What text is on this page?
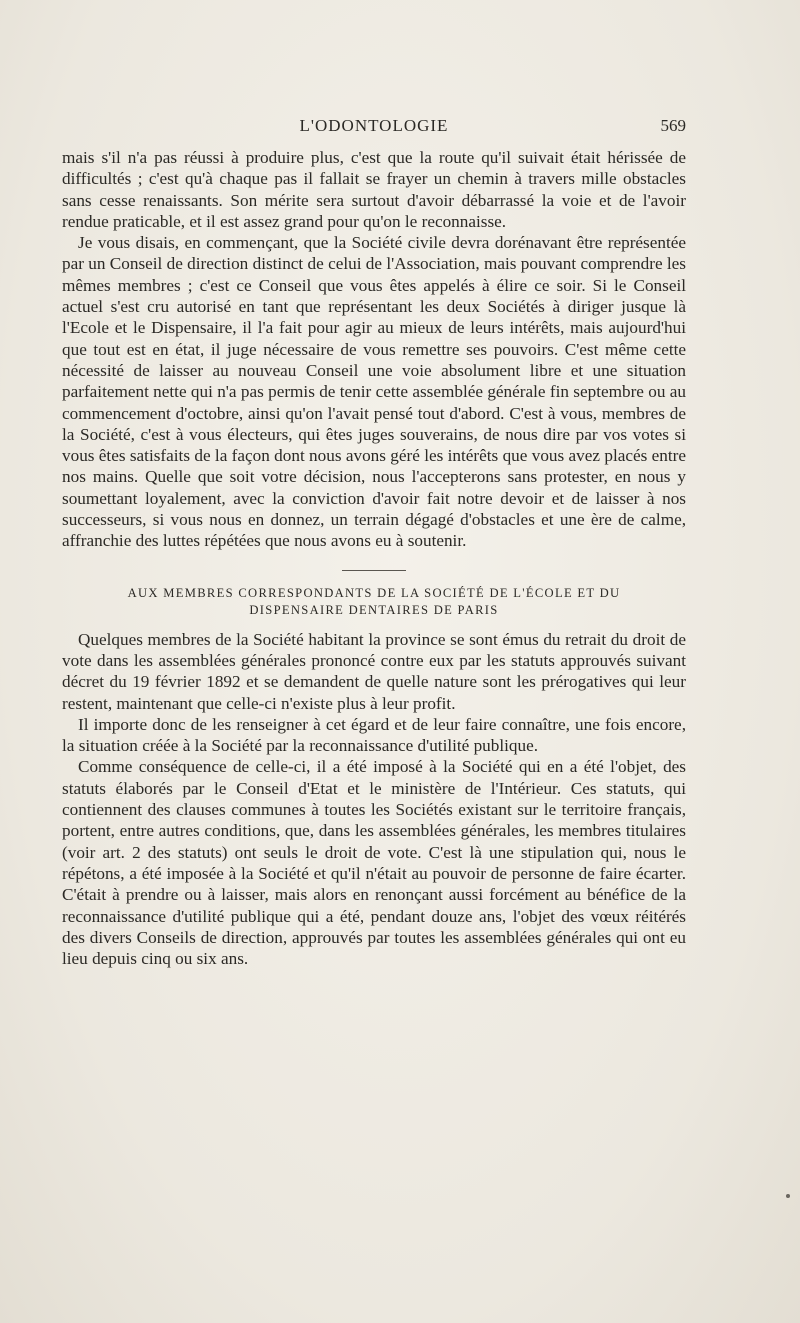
L'ODONTOLOGIE	569

mais s'il n'a pas réussi à produire plus, c'est que la route qu'il suivait était hérissée de difficultés ; c'est qu'à chaque pas il fallait se frayer un chemin à travers mille obstacles sans cesse renaissants. Son mérite sera surtout d'avoir débarrassé la voie et de l'avoir rendue praticable, et il est assez grand pour qu'on le reconnaisse.

Je vous disais, en commençant, que la Société civile devra dorénavant être représentée par un Conseil de direction distinct de celui de l'Association, mais pouvant comprendre les mêmes membres ; c'est ce Conseil que vous êtes appelés à élire ce soir. Si le Conseil actuel s'est cru autorisé en tant que représentant les deux Sociétés à diriger jusque là l'Ecole et le Dispensaire, il l'a fait pour agir au mieux de leurs intérêts, mais aujourd'hui que tout est en état, il juge nécessaire de vous remettre ses pouvoirs. C'est même cette nécessité de laisser au nouveau Conseil une voie absolument libre et une situation parfaitement nette qui n'a pas permis de tenir cette assemblée générale fin septembre ou au commencement d'octobre, ainsi qu'on l'avait pensé tout d'abord. C'est à vous, membres de la Société, c'est à vous électeurs, qui êtes juges souverains, de nous dire par vos votes si vous êtes satisfaits de la façon dont nous avons géré les intérêts que vous avez placés entre nos mains. Quelle que soit votre décision, nous l'accepterons sans protester, en nous y soumettant loyalement, avec la conviction d'avoir fait notre devoir et de laisser à nos successeurs, si vous nous en donnez, un terrain dégagé d'obstacles et une ère de calme, affranchie des luttes répétées que nous avons eu à soutenir.

AUX MEMBRES CORRESPONDANTS DE LA SOCIÉTÉ DE L'ÉCOLE ET DU
DISPENSAIRE DENTAIRES DE PARIS

Quelques membres de la Société habitant la province se sont émus du retrait du droit de vote dans les assemblées générales prononcé contre eux par les statuts approuvés suivant décret du 19 février 1892 et se demandent de quelle nature sont les prérogatives qui leur restent, maintenant que celle-ci n'existe plus à leur profit.

Il importe donc de les renseigner à cet égard et de leur faire connaître, une fois encore, la situation créée à la Société par la reconnaissance d'utilité publique.

Comme conséquence de celle-ci, il a été imposé à la Société qui en a été l'objet, des statuts élaborés par le Conseil d'Etat et le ministère de l'Intérieur. Ces statuts, qui contiennent des clauses communes à toutes les Sociétés existant sur le territoire français, portent, entre autres conditions, que, dans les assemblées générales, les membres titulaires (voir art. 2 des statuts) ont seuls le droit de vote. C'est là une stipulation qui, nous le répétons, a été imposée à la Société et qu'il n'était au pouvoir de personne de faire écarter. C'était à prendre ou à laisser, mais alors en renonçant aussi forcément au bénéfice de la reconnaissance d'utilité publique qui a été, pendant douze ans, l'objet des vœux réitérés des divers Conseils de direction, approuvés par toutes les assemblées générales qui ont eu lieu depuis cinq ou six ans.
